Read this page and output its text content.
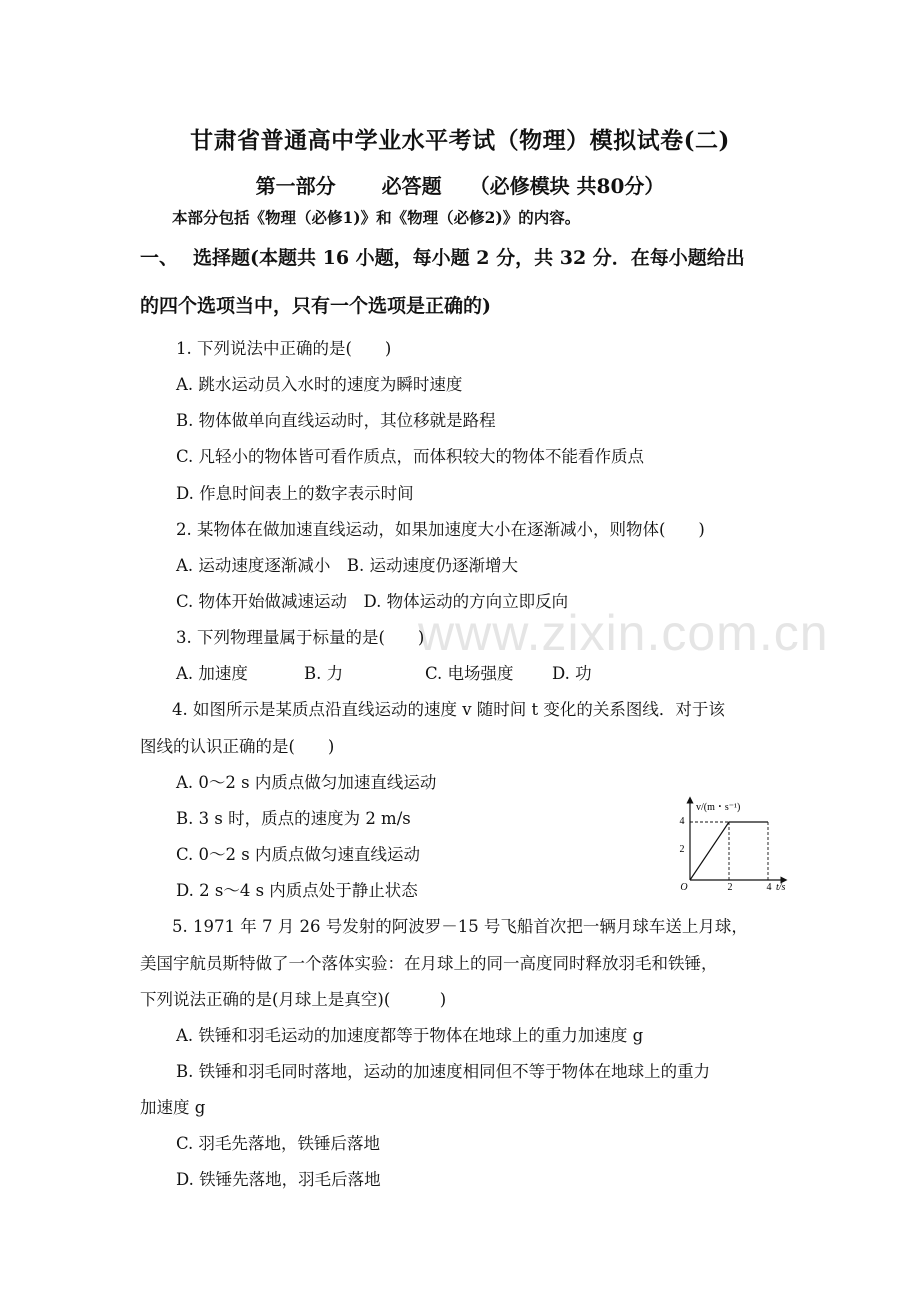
www.zixin.com.cn
甘肃省普通高中学业水平考试（物理）模拟试卷(二)
第一部分 必答题 （必修模块 共80分）
本部分包括《物理（必修1)》和《物理（必修2)》的内容。
一、 选择题(本题共 16 小题，每小题 2 分，共 32 分．在每小题给出
的四个选项当中，只有一个选项是正确的)
1. 下列说法中正确的是(　　)
A. 跳水运动员入水时的速度为瞬时速度
B. 物体做单向直线运动时，其位移就是路程
C. 凡轻小的物体皆可看作质点，而体积较大的物体不能看作质点
D. 作息时间表上的数字表示时间
2. 某物体在做加速直线运动，如果加速度大小在逐渐减小，则物体(　　)
A. 运动速度逐渐减小　B. 运动速度仍逐渐增大
C. 物体开始做减速运动　D. 物体运动的方向立即反向
3. 下列物理量属于标量的是(　　)
A. 加速度	B. 力	C. 电场强度 D. 功
4. 如图所示是某质点沿直线运动的速度 v 随时间 t 变化的关系图线．对于该
图线的认识正确的是(　　)
A. 0～2 s 内质点做匀加速直线运动
B. 3 s 时，质点的速度为 2 m/s
C. 0～2 s 内质点做匀速直线运动
D. 2 s～4 s 内质点处于静止状态
v/(m・s⁻¹)
4
2
O	2	4 t/s
5. 1971 年 7 月 26 号发射的阿波罗－15 号飞船首次把一辆月球车送上月球，
美国宇航员斯特做了一个落体实验：在月球上的同一高度同时释放羽毛和铁锤，
下列说法正确的是(月球上是真空)(　　　)
A. 铁锤和羽毛运动的加速度都等于物体在地球上的重力加速度 g
B. 铁锤和羽毛同时落地，运动的加速度相同但不等于物体在地球上的重力
加速度 g
C. 羽毛先落地，铁锤后落地
D. 铁锤先落地，羽毛后落地
